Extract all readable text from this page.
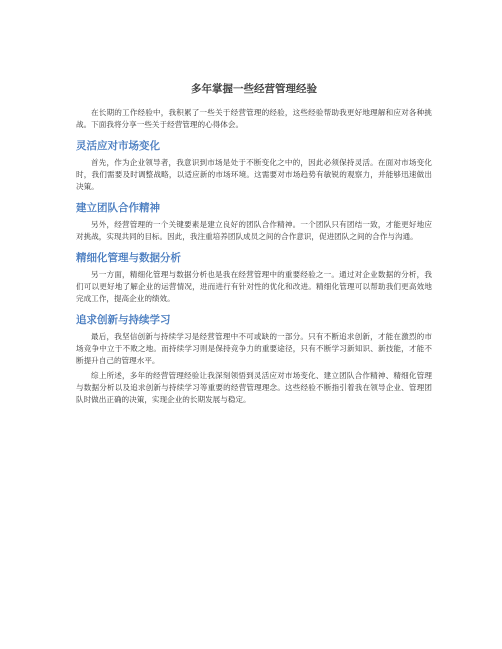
多年掌握一些经营管理经验

在长期的工作经验中，我积累了一些关于经营管理的经验，这些经验帮助我更好地理解和应对各种挑战。下面我将分享一些关于经营管理的心得体会。

灵活应对市场变化

首先，作为企业领导者，我意识到市场是处于不断变化之中的，因此必须保持灵活。在面对市场变化时，我们需要及时调整战略，以适应新的市场环境。这需要对市场趋势有敏锐的观察力，并能够迅速做出决策。

建立团队合作精神

另外，经营管理的一个关键要素是建立良好的团队合作精神。一个团队只有团结一致，才能更好地应对挑战，实现共同的目标。因此，我注重培养团队成员之间的合作意识，促进团队之间的合作与沟通。

精细化管理与数据分析

另一方面，精细化管理与数据分析也是我在经营管理中的重要经验之一。通过对企业数据的分析，我们可以更好地了解企业的运营情况，进而进行有针对性的优化和改进。精细化管理可以帮助我们更高效地完成工作，提高企业的绩效。

追求创新与持续学习

最后，我坚信创新与持续学习是经营管理中不可或缺的一部分。只有不断追求创新，才能在激烈的市场竞争中立于不败之地。而持续学习则是保持竞争力的重要途径，只有不断学习新知识、新技能，才能不断提升自己的管理水平。

综上所述，多年的经营管理经验让我深刻领悟到灵活应对市场变化、建立团队合作精神、精细化管理与数据分析以及追求创新与持续学习等重要的经营管理理念。这些经验不断指引着我在领导企业、管理团队时做出正确的决策，实现企业的长期发展与稳定。
